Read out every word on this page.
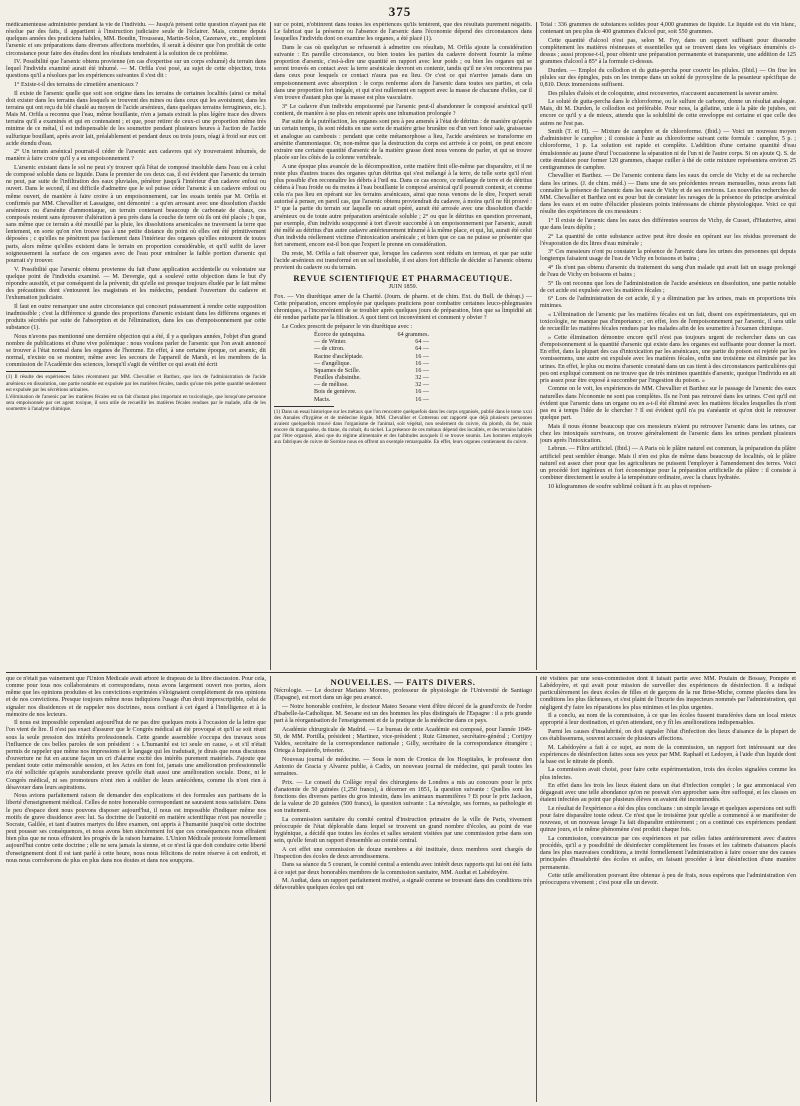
375

médicamenteuse administrée pendant la vie de l'individu. — Jusqu'à présent cette question n'ayant pas été résolue par des faits, il appartient à l'instruction judiciaire seule de l'éclairer. Mais, comme depuis quelques années des praticiens habiles, MM. Boudin, Trousseau, Martin-Solon, Cazenave, etc., emploient l'arsenic et ses préparations dans diverses affections morbides, il serait à désirer que l'on profitât de cette circonstance pour faire des études dont les résultats tendraient à la solution de ce problème.

IV. Possibilité que l'arsenic obtenu provienne (en cas d'expertise sur un corps exhumé) du terrain dans lequel l'individu examiné aurait été inhumé. — M. Orfila s'est posé, au sujet de cette objection, trois questions qu'il a résolues par les expériences suivantes il s'est dit :

1° Existe-t-il des terrains de cimetière arsenicaux ?

Il existe de l'arsenic quelle que soit son origine dans les terrains de certaines localités (ainsi ce métal doit exister dans les terrains dans lesquels se trouvent des mines ou dans ceux qui les avoisinent, dans les terrains qui ont reçu du blé chaulé au moyen de l'acide arsénieux, dans quelques terrains ferrugineux, etc.). Mais M. Orfila a reconnu que l'eau, même bouillante, n'en a jamais extrait la plus légère trace des divers terrains qu'il a examinés et qui en contenaient ; et que, pour retirer de ceux-ci une proportion même très minime de ce métal, il est indispensable de les soumettre pendant plusieurs heures à l'action de l'acide sulfurique bouillant, après avoir lait, préalablement et pendant deux ou trois jours, réagi à froid sur eux cet acide étendu d'eau.

2° Un terrain arsénical pourrait-il céder de l'arsenic aux cadavres qui s'y trouveraient inhumés, de manière à faire croire qu'il y a eu empoisonnement ?

L'arsenic existant dans le sol ne peut s'y trouver qu'à l'état de composé insoluble dans l'eau ou à celui de composé soluble dans ce liquide. Dans le premier de ces deux cas, il est évident que l'arsenic du terrain ne peut, par suite de l'infiltration des eaux pluviales, pénétrer jusqu'à l'intérieur d'un cadavre enfoui ou ouvert. Dans le second, il est difficile d'admettre que le sol puisse céder l'arsenic à un cadavre enfoui ou même ouvert, de manière à faire croire à un empoisonnement, car les essais tentés par M. Orfila et confirmés par MM. Chevallier et Lassaigne, ont démontré : a qu'en arrosant avec une dissolution d'acide arsénieux ou d'arsénite d'ammoniaque, un terrain contenant beaucoup de carbonate de chaux, ces composés restent sans éprouver d'altération à peu près dans la couche de terre où ils ont été placés ; b que, sans même que ce terrain a été mouillé par la pluie, les dissolutions arsenicales ne traversent la terre que lentement, en sorte qu'on n'en trouve pas à une petite distance du point où elles ont été primitivement déposées ; c qu'elles ne pénètrent pas facilement dans l'intérieur des organes qu'elles entourent de toutes parts, alors même qu'elles existent dans le terrain en proportion considérable, et qu'il suffit de laver soigneusement la surface de ces organes avec de l'eau pour entraîner la faible portion d'arsenic qui pourrait s'y trouver.

V. Possibilité que l'arsenic obtenu provienne du fait d'une application accidentelle ou volontaire sur quelque point de l'individu examiné. — M. Devergie, qui a soulevé cette objection dans le but d'y répondre aussitôt, et par conséquent de la prévenir, dit qu'elle est presque toujours éludée par le fait même des précautions dont s'entourent les magistrats et les médecins, pendant l'ouverture du cadavre et l'exhumation judiciaire.

Il faut en outre remarquer une autre circonstance qui concourt puissamment à rendre cette supposition inadmissible ; c'est la différence si grande des proportions d'arsenic existant dans les différens organes et produits sécrétés par suite de l'absorption et de l'élimination, dans les cas d'empoisonnement par cette substance (1).

Nous n'avons pas mentionné une dernière objection qui a été, il y a quelques années, l'objet d'un grand nombre de publications et d'une vive polémique : nous voulons parler de l'arsenic que l'on avait annoncé se trouver à l'état normal dans les organes de l'homme. En effet, à une certaine époque, cet arsenic, dit normal, n'existe ou se montrer, même avec les secours de l'appareil de Marsh, et les membres de la commission de l'Académie des sciences, lorsqu'il s'agit de vérifier ce qui avait été écrit

(1) Il résulte des expériences faites récemment par MM. Chevallier et Barthez, que lors de l'administration de l'acide arsénieux en dissolution, une partie notable est expulsée par les matières fécales, tandis qu'une très petite quantité seulement est expulsée par les sécrétions urinaires.

L'élimination de l'arsenic par les matières fécales est un fait d'autant plus important en toxicologie, que lorsqu'une personne sera empoisonnée par cet agent toxique, il sera utile de recueillir les matières fécales rendues par le malade, afin de les soumettre à l'analyse chimique.

sur ce point, n'obtinrent dans toutes les expériences qu'ils tentèrent, que des résultats purement négatifs. Le fabricat que la présence ou l'absence de l'arsenic dans l'économie dépend des circonstances dans lesquelles l'individu dont on examine les organes, a été placé (1).

Dans le cas où quelqu'un se refuserait à admettre ces résultats, M. Orfila ajoute la considération suivante : En pareille circonstance, ou bien toutes les parties du cadavre doivent fournir la même proportion d'arsenic, c'est-à-dire une quantité en rapport avec leur poids ; ou bien les organes qui se seront trouvés en contact avec la terre arsénicale devront en contenir, tandis qu'il ne s'en rencontrera pas dans ceux pour lesquels ce contact n'aura pas eu lieu. Or c'est ce qui n'arrive jamais dans un empoisonnement avec absorption : le corps renferme alors de l'arsenic dans toutes ses parties, et cela dans une proportion fort inégale, et qui n'est nullement en rapport avec la masse de chacune d'elles, car il s'en trouve d'autant plus que la masse est plus vasculaire.

3° Le cadavre d'un individu empoisonné par l'arsenic peut-il abandonner le composé arsénical qu'il contient, de manière à ne plus en retenir après une inhumation prolongée ?

Par suite de la putréfaction, les organes sont peu à peu amenés à l'état de détritus : de manière qu'après un certain temps, ils sont réduits en une sorte de matière grise brunâtre ou d'un vert foncé sale, graisseuse et analogue au cambouis : pendant que cette métamorphose a lieu, l'acide arsénieux se transforme en arsénite d'ammoniaque. Or, non-même que la destruction du corps est arrivée à ce point, on peut encore extraire une certaine quantité d'arsenic de la matière grasse dont nous venons de parler, et qui se trouve placée sur les côtés de la colonne vertébrale.

A une époque plus avancée de la décomposition, cette matière finit elle-même par disparaître, et il ne reste plus d'autres traces des organes qu'un détritus qui s'est mélangé à la terre, de telle sorte qu'il n'est plus possible d'en reconnaître les débris à l'œil nu. Dans ce cas encore, ce mélange de terre et de détritus cédera à l'eau froide ou du moins à l'eau bouillante le composé arsénical qu'il pourrait contenir, et comme cela n'a pas lieu en opérant sur les terrains arsénicaux, ainsi que nous venons de le dire, l'expert serait autorisé à penser, en pareil cas, que l'arsenic obtenu proviendrait du cadavre, à moins qu'il ne fût prouvé : 1° que la partie du terrain sur laquelle on aurait opéré, aurait été arrosée avec une dissolution d'acide arsénieux ou de toute autre préparation arsénicale soluble ; 2° ou que le détritus en question provenant, par exemple, d'un individu soupçonné à tort d'avoir succombé à un empoisonnement par l'arsenic, aurait été mêlé au détritus d'un autre cadavre antérieurement inhumé à la même place, et qui, lui, aurait été celui d'un individu réellement victime d'intoxication arsénicale ; et bien que ce cas ne puisse se présenter que fort rarement, encore est-il bon que l'expert le prenne en considération.

Du reste, M. Orfila a fait observer que, lorsque les cadavres sont réduits en terreau, et que par suite l'acide arsénieux est transformé en un sel insoluble, il est alors fort difficile de décider si l'arsenic obtenu provient du cadavre ou du terrain.

REVUE SCIENTIFIQUE ET PHARMACEUTIQUE.
JUIN 1859.

Fox. — Vin diurétique amer de la Charité. (Journ. de pharm. et de chim. Ext. du Bull. de thérap.) — Cette préparation, encore employée par quelques praticiens pour combattre certaines leuco-phlegmasies chroniques, a l'inconvénient de se troubler après quelques jours de préparation, bien que sa limpidité ait été rendue parfaite par la filtration. A quoi tient cet inconvénient et comment y obvier ?

Le Codex prescrit de préparer le vin diurétique avec :

Écorce de quinquina.	64 grammes.
— de Winter.	64 —
— de citron.	64 —
Racine d'asclépiade.	16 —
— d'angélique.	16 —
Squames de Scille.	16 —
Feuilles d'absinthe.	32 —
— de mélisse.	32 —
Bois de genièvre.	16 —
Macis.	16 —

(1) Dans un essai historique sur les métaux que l'on rencontre quelquefois dans les corps organisés, publié dans le tome xxxi des Annales d'hygiène et de médecine légale, MM. Chevallier et Cottereau ont rapporté que déjà plusieurs personnes avaient quelquefois trouvé dans l'organisme de l'animal, soit végétal, non seulement du cuivre, du plomb, du fer, mais encore du manganèse, du titane, du cobalt, du nickel. La présence de ces métaux dépend des localités, et des terrains habités par l'être organisé, ainsi que du régime alimentaire et des habitudes auxquels il se trouve soumis. Les hommes employés aux fabriques de cuivre de Sorrèze nous en offrent un exemple remarquable. En effet, leurs organes contiennent du cuivre.

Total : 336 grammes de substances solides pour 4,000 grammes de liquide. Le liquide est du vin blanc, contenant un peu plus de 400 grammes d'alcool pur, soit 550 grammes.

Cette quantité d'alcool n'est pas, selon M. Foy, dans un rapport suffisant pour dissoudre complètement les matières résineuses et essentielles qui se trouvent dans les végétaux énumérés ci-dessus ; aussi propose-t-il, pour obtenir une préparation permanente et transparente, une addition de 125 grammes d'alcool à 85° à la formule ci-dessus.

Durden. — Emploi du collodion et du gutta-percha pour couvrir les pilules. (Ibid.) — On fixe les pilules sur des épingles, puis on les trempe dans un soluté de pyroxyline de la pesanteur spécifique de 0,810. Deux immersions suffisent.

Des pilules d'aloès et de coloquinte, ainsi recouvertes, n'accusent aucunement la saveur amère.

Le soluté de gutta-percha dans le chloroforme, ou le sulfure de carbone, donne un résultat analogue. Mais, dit M. Durden, le collodion est préférable. Pour nous, la gélatine, unie à la pâte de jujubes, est encore ce qu'il y a de mieux, attendu que la solubilité de cette enveloppe est certaine et que celle des autres ne l'est pas.

Smith (T. et H). — Mixture de camphre et de chloroforme. (Ibid.) — Voici un nouveau moyen d'administrer le camphre ; il consiste à l'unir au chloroforme suivant cette formule : camphre, 5 p. ; chloroforme, 1 p. La solution est rapide et complète. L'addition d'une certaine quantité d'eau émulsionnée au jaune d'œuf l'occasionne la séparation ni de l'un ni de l'autre corps. Si on ajoute Q. S. de cette émulsion pour former 120 grammes, chaque cuiller à thé de cette mixture représentera environ 25 centigrammes de camphre.

Chevallier et Barthez. — De l'arsenic contenu dans les eaux du cercle de Vichy et de sa recherche dans les urines. (J. de chim. méd.) — Dans une de ses précédentes revues mensuelles, nous avons fait connaître la présence de l'arsenic dans les eaux de Vichy et de ses environs. Les nouvelles recherches de MM. Chevallier et Barthez ont eu pour but de constater les ravages de la présence du principe arsénical dans les eaux et en outre d'élucider plusieurs points intéressans de chimie physiologique. Voici ce qui résulte des expériences de ces messieurs :

1° Il existe de l'arsenic dans les eaux des différentes sources de Vichy, de Cusset, d'Hauterive, ainsi que dans leurs dépôts ;

2° La quantité de cette substance active peut être dosée en opérant sur les résidus provenant de l'évaporation de dix litres d'eau minérale ;

3° Ces messieurs n'ont pu constater la présence de l'arsenic dans les urines des personnes qui depuis longtemps faisaient usage de l'eau de Vichy en boissons et bains ;

4° Ils n'ont pas obtenu d'arsenic du traitement du sang d'un malade qui avait fait un usage prolongé de l'eau de Vichy en boissons et bains ;

5° Ils ont reconnu que lors de l'administration de l'acide arsénieux en dissolution, une partie notable de cet acide est expulsée avec les matières fécales ;

6° Lors de l'administration de cet acide, il y a élimination par les urines, mais en proportions très minimes.

« L'élimination de l'arsenic par les matières fécales est un fait, disent ces expérimentateurs, qui en toxicologie, ne manque pas d'importance ; en effet, lors de l'empoisonnement par l'arsenic, il sera utile de recueillir les matières fécales rendues par les malades afin de les soumettre à l'examen chimique.

» Cette élimination démontre encore qu'il n'est pas toujours urgent de rechercher dans un cas d'empoisonnement si la quantité d'arsenic qui existe dans les organes est suffisante pour donner la mort. En effet, dans la plupart des cas d'intoxication par les arsénicaux, une partie du poison est rejetée par les vomissemens, une autre est expulsée avec les matières fécales, enfin une troisième est éliminée par les urines. En effet, le plus ou moins d'arsenic constaté dans un cas tient à des circonstances particulières qui peu ont expliqué comment on ne trouve que de très minimes quantités d'arsenic, quoique l'individu en ait pris assez pour être exposé à succomber par l'ingestion du poison. »

Comme on le voit, les expériences de MM. Chevallier et Barthez sur le passage de l'arsenic des eaux naturelles dans l'économie ne sont pas complètes. Ils ne l'ont pas retrouvé dans les urines. C'est qu'il est évident que l'arsenic dans un organe ou en a-t-il été éliminé avec les matières fécales lesquelles ils n'ont pas eu à temps l'idée de le chercher ? Il est évident qu'il n'a pu s'anéantir et qu'on doit le retrouver quelque part.

Mais il nous étonne beaucoup que ces messieurs n'aient pu retrouver l'arsenic dans les urines, car chez les intoxiqués survivans, on trouve généralement de l'arsenic dans les urines pendant plusieurs jours après l'intoxication.

Lebrun. — Filtre artificiel. (Ibid.) — A Paris où le plâtre naturel est commun, la préparation du plâtre artificiel peut sembler étrange. Mais il n'en est plus de même dans beaucoup de localités, où le plâtre naturel est assez cher pour que les agriculteurs ne puissent l'employer à l'amendement des terres. Voici un procédé fort ingénieux et fort économique pour la préparation artificielle du plâtre : il consiste à combiner directement le soufre à la température ordinaire, avec la chaux hydratée.

10 kilogrammes de soufre sublimé coûtant à fr. au plus et représen-

que ce n'était pas vainement que l'Union Médicale avait arboré le drapeau de la libre discussion. Pour cela, comme pour tous nos collaborateurs et correspondans, nous avons largement ouvert nos portes, alors même que les opinions produites et les convictions exprimées s'éloignaient complètement de nos opinions et de nos convictions. Presque toujours même nous indiquions l'usage d'un droit imprescriptible, celui de signaler nos dissidences et de rappeler nos doctrines, nous confiant à cet égard à l'intelligence et à la mémoire de nos lecteurs.

Il nous est impossible cependant aujourd'hui de ne pas dire quelques mots à l'occasion de la lettre que l'on vient de lire. Il n'est pas exact d'assurer que le Congrès médical ait été provoqué et qu'il se soit réuni sous la seule pression des intérêts professionnels. Cette grande assemblée s'occupa des travaux sous l'influence de ces belles paroles de son président : « L'humanité est ici seule en cause, » et s'il n'était permis de rappeler que même nos impressions et le langage qui les traduisait, je dirais que nous discutons d'ouverture ne fut en aucune façon un cri d'alarme excité des intérêts purement matériels. J'ajoute que pendant toute cette mémorable session, et les Actes en font foi, jamais une amélioration professionnelle n'a été sollicitée qu'après surabondante preuve qu'elle était aussi une amélioration sociale. Donc, ni le Congrès médical, ni ses promoteurs n'ont rien à oublier de leurs antécédens, comme ils n'ont rien à désavouer dans leurs aspirations.

Nous avions parfaitement raison de demander des explications et des formules aux partisans de la liberté d'enseignement médical. Celles de notre honorable correspondant ne sauraient nous satisfaire. Dans le peu d'espace dont nous pouvons disposer aujourd'hui, il nous est impossible d'indiquer même nos motifs de grave dissidence avec lui. Sa doctrine de l'autorité en matière scientifique n'est pas nouvelle ; Socrate, Galilée, et tant d'autres martyrs du libre examen, ont appris à l'humanité jusqu'où cette doctrine peut pousser ses conséquences, et nous avons bien sincèrement foi que ces conséquences nous effraient bien plus que ne nous effraient les progrès de la raison humaine. L'Union Médicale proteste formellement aujourd'hui contre cette doctrine ; elle ne sera jamais la sienne, et ce n'est là que doit conduire cette liberté d'enseignement dont il est tant parlé à cette heure, nous nous félicitons de notre réserve à cet endroit, et nous nous corroborons de plus en plus dans nos doutes et dans nos soupçons.

NOUVELLES. — FAITS DIVERS.

Nécrologie. — Le docteur Mariano Moreno, professeur de physiologie de l'Université de Santiago (Espagne), est mort dans un âge peu avancé.

— Notre honorable confrère, le docteur Mateo Seoane vient d'être décoré de la grand'croix de l'ordre d'Isabelle-la-Catholique. M. Seoane est un des hommes les plus distingués de l'Espagne : il a pris grande part à la réorganisation de l'enseignement et de la pratique de la médecine dans ce pays.

Académie chirurgicale de Madrid. — Le bureau de cette Académie est composé, pour l'année 1849-50, de MM. Portilla, président ; Martinez, vice-président ; Ruiz Gimenez, secrétaire-général ; Cortijoy Valdes, secrétaire de la correspondance nationale ; Gilly, secrétaire de la correspondance étrangère ; Ortega à Izquierdo, trésorier.

Nouveau journal de médecine. — Sous le nom de Cronica de los Hospitales, le professeur don Antonio de Gracia y Alvarez publie, à Cadix, un nouveau journal de médecine, qui paraît toutes les semaines.

Prix. — Le conseil du Collège royal des chirurgiens de Londres a mis au concours pour le prix d'anatomie de 50 guinées (1,250 francs), à décerner en 1851, la question suivante : Quelles sont les fonctions des diverses parties du gros intestin, dans les animaux mammifères ? Et pour le prix Jackson, de la valeur de 20 guinées (500 francs), la question suivante : La névralgie, ses formes, sa pathologie et son traitement.

La commission sanitaire du comité central d'instruction primaire de la ville de Paris, vivement préoccupée de l'état déplorable dans lequel se trouvent un grand nombre d'écoles, au point de vue hygiénique, a décidé que toutes les écoles et salles seraient visitées par une commission prise dans son sein, qu'elle ferait un rapport d'ensemble au comité central.

A cet effet une commission de douze membres a été instituée, deux membres sont chargés de l'inspection des écoles de deux arrondissemens.

Dans sa séance du 5 courant, le comité central a entendu avec intérêt deux rapports qui lui ont été faits à ce sujet par deux honorables membres de la commission sanitaire, MM. Audiat et Labédoyère.

M. Audiat, dans un rapport parfaitement motivé, a signalé comme se trouvant dans des conditions très défavorables quelques écoles qui ont

été visitées par une sous-commission dont il faisait partie avec MM. Poulain de Bossay, Pompée et Labédoyère, et qui avait pour mission de surveiller des expériences de désinfection. Il a indiqué particulièrement les deux écoles de filles et de garçons de la rue Brise-Miche, comme placées dans les conditions les plus fâcheuses, et s'est plaint de l'incurie des inspecteurs nommés par l'administration, qui négligent d'y faire les réparations les plus minimes et les plus urgentes.

Il a conclu, au nom de la commission, à ce que les écoles fussent transférées dans un local mieux approprié à leur destination, et qu'en attendant, on y fît les améliorations indispensables.

Parmi les causes d'insalubrité, on doit signaler l'état d'infection des lieux d'aisance de la plupart de ces établissemens, souvent accusée de plusieurs affections.

M. Labédoyère a fait à ce sujet, au nom de la commission, un rapport fort intéressant sur des expériences de désinfection faites sous ses yeux par MM. Raphaël et Ledoyen, à l'aide d'un liquide dont la base est le nitrate de plomb.

La commission avait choisi, pour faire cette expérimentation, trois des écoles signalées comme les plus infectes.

En effet dans les trois les lieux étaient dans un état d'infection complet ; le gaz ammoniacal s'en dégageait avec une telle abondance qu'on ne pouvait s'en approcher sans être suffoqué, et les classes en étaient infectées au point que plusieurs élèves en avaient été incommodés.

Le résultat de l'expérience a été des plus concluans : un simple lavage et quelques aspersions ont suffi pour faire disparaître toute odeur. Ce n'est que le troisième jour qu'elle a commencé à se manifester de nouveau, et un nouveau lavage l'a fait disparaître entièrement ; on a continué ces expériences pendant quinze jours, et le même phénomène s'est produit chaque fois.

La commission, convaincue par ces expériences et par celles faites antérieurement avec d'autres procédés, qu'il a y possibilité de désinfecter complètement les fosses et les cabinets d'aisances placés dans les plus mauvaises conditions, a invité formellement l'administration à faire cesser une des causes principales d'insalubrité des écoles et asiles, en faisant procéder à leur désinfection d'une manière permanente.

Cette utile amélioration pouvant être obtenue à peu de frais, nous espérons que l'administration s'en préoccupera vivement ; c'est pour elle un devoir.
